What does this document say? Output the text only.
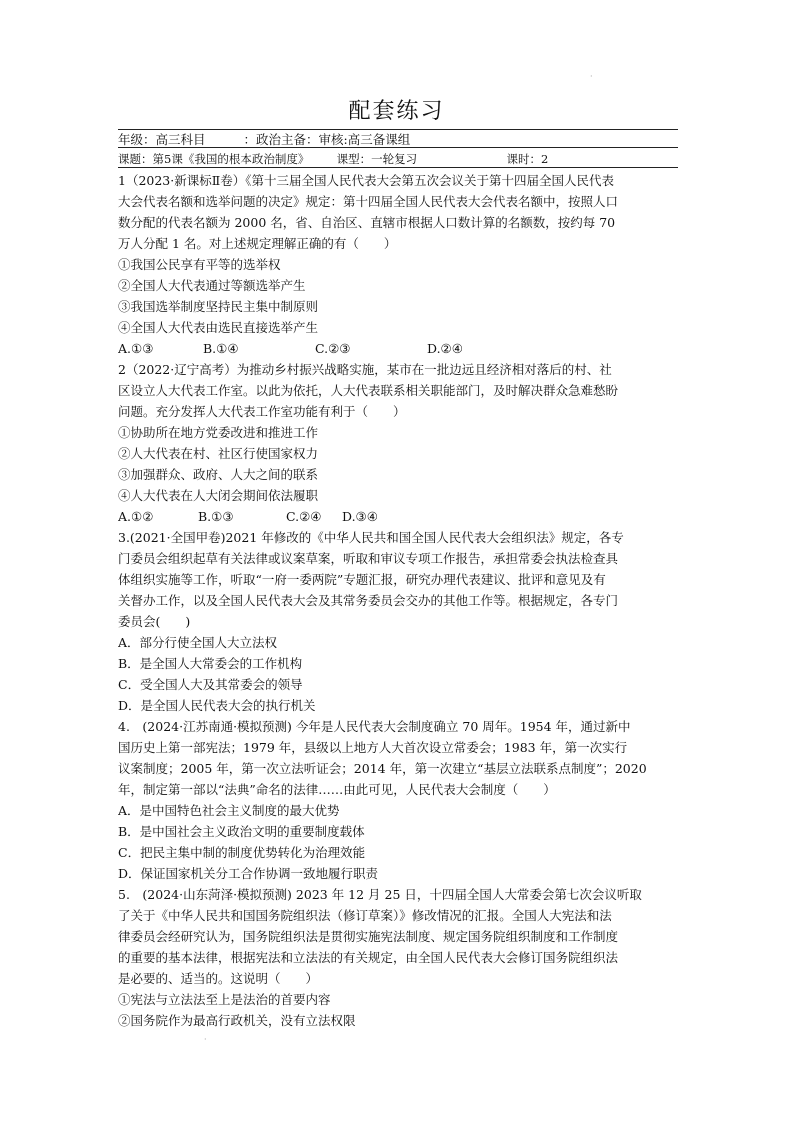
配套练习
年级：高三科目	：政治主备：审核:高三备课组
课题：第5课《我国的根本政治制度》 课型：一轮复习	课时：2
1（2023·新课标Ⅱ卷）《第十三届全国人民代表大会第五次会议关于第十四届全国人民代表
大会代表名额和选举问题的决定》规定：第十四届全国人民代表大会代表名额中，按照人口
数分配的代表名额为 2000 名，省、自治区、直辖市根据人口数计算的名额数，按约每 70
万人分配 1 名。对上述规定理解正确的有（　　）
①我国公民享有平等的选举权
②全国人大代表通过等额选举产生
③我国选举制度坚持民主集中制原则
④全国人大代表由选民直接选举产生
A.①③	B.①④	C.②③	D.②④
2（2022·辽宁高考）为推动乡村振兴战略实施，某市在一批边远且经济相对落后的村、社
区设立人大代表工作室。以此为依托，人大代表联系相关职能部门，及时解决群众急难愁盼
问题。充分发挥人大代表工作室功能有利于（　　）
①协助所在地方党委改进和推进工作
②人大代表在村、社区行使国家权力
③加强群众、政府、人大之间的联系
④人大代表在人大闭会期间依法履职
A.①②	B.①③	C.②④ D.③④
3.(2021·全国甲卷)2021 年修改的《中华人民共和国全国人民代表大会组织法》规定，各专
门委员会组织起草有关法律或议案草案，听取和审议专项工作报告，承担常委会执法检查具
体组织实施等工作，听取“一府一委两院”专题汇报，研究办理代表建议、批评和意见及有
关督办工作，以及全国人民代表大会及其常务委员会交办的其他工作等。根据规定，各专门
委员会(　　)
A．部分行使全国人大立法权
B．是全国人大常委会的工作机构
C．受全国人大及其常委会的领导
D．是全国人民代表大会的执行机关
4.　(2024·江苏南通·模拟预测) 今年是人民代表大会制度确立 70 周年。1954 年，通过新中
国历史上第一部宪法；1979 年，县级以上地方人大首次设立常委会；1983 年，第一次实行
议案制度；2005 年，第一次立法听证会；2014 年，第一次建立“基层立法联系点制度”；2020
年，制定第一部以“法典”命名的法律……由此可见，人民代表大会制度（　　）
A．是中国特色社会主义制度的最大优势
B．是中国社会主义政治文明的重要制度载体
C．把民主集中制的制度优势转化为治理效能
D．保证国家机关分工合作协调一致地履行职责
5.　(2024·山东菏泽·模拟预测) 2023 年 12 月 25 日，十四届全国人大常委会第七次会议听取
了关于《中华人民共和国国务院组织法（修订草案）》修改情况的汇报。全国人大宪法和法
律委员会经研究认为，国务院组织法是贯彻实施宪法制度、规定国务院组织制度和工作制度
的重要的基本法律，根据宪法和立法法的有关规定，由全国人民代表大会修订国务院组织法
是必要的、适当的。这说明（　　）
①宪法与立法法至上是法治的首要内容
②国务院作为最高行政机关，没有立法权限
·
·
